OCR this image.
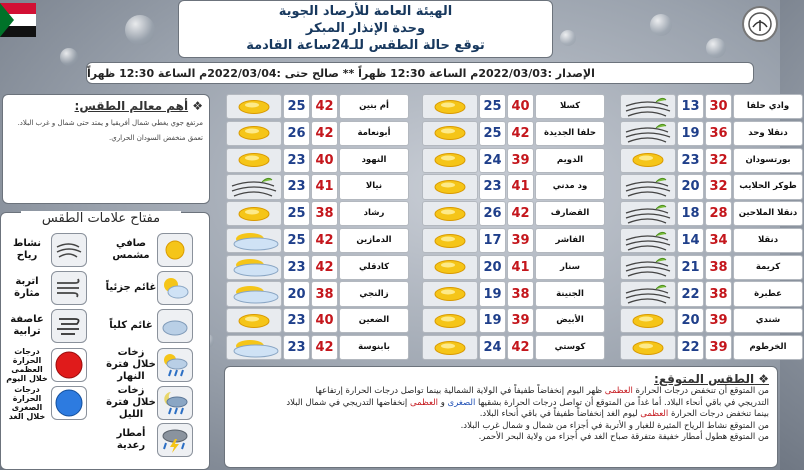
الهيئة العامة للأرصاد الجوية
وحدة الإنذار المبكر
توقع حالة الطقس للـ24ساعة القادمة
الإصدار :2022/03/03م الساعة 12:30 ظهراً ** صالح حتى :2022/03/04م الساعة 12:30 ظهراً
❖ أهم معالم الطقس:

مرتفع جوي يغطي شمال أفريقيا و يمتد حتى شمال و غرب البلاد.

تعمق منخفض السودان الحراري.

مفتاح علامات الطقس
صافي مشمس
غائم جزئياً
غائم كلياً
زخات خلال فترة النهار
زخات خلال فترة الليل
أمطار رعدية
نشاط رياح
اتربة مثارة
عاصفة ترابية
درجات الحرارة العظمى خلال اليوم
درجات الحرارة الصغرى خلال الغد
25 42	أم بنين
26 42	أبونعامة
23 40	النهود
23 41	نيالا
25 38	رشاد
25 42	الدمازين
23 42	كادقلي
20 38	زالنجي
23 40	الضعين
23 42	بابنوسة
25 40	كسلا
25 42	حلفا الجديدة
24 39	الدويم
23 41	ود مدني
26 42	القضارف
17 39	الفاشر
20 41	سنار
19 38	الجنينة
19 39	الأبيض
24 42	كوستي
13 30	وادي حلفا
19 36	دنقلا وحد
23 32	بورتسودان
20 32	طوكر الحلايب
18 28	دنقلا الملاحين
14 34	دنقلا
21 38	كريمة
22 38	عطبرة
20 39	شندي
22 39	الخرطوم
❖ الطقس المتوقع:
من المتوقع أن تنخفض درجات الحرارة العظمى ظهر اليوم إنخفاضاً طفيفاً في الولاية الشمالية بينما تواصل درجات الحرارة إرتفاعها
التدريجي في باقي أنحاء البلاد. أما غداً من المتوقع أن تواصل درجات الحرارة بشقيها الصغرى و العظمى إنخفاضها التدريجي في شمال البلاد
بينما تنخفض درجات الحرارة العظمى ليوم الغد إنخفاضاً طفيفاً في باقي أنحاء البلاد.
من المتوقع نشاط الرياح المثيرة للغبار و الأتربة في أجزاء من شمال و شمال غرب البلاد.
من المتوقع هطول أمطار خفيفة متفرقة صباح الغد في أجزاء من ولاية البحر الأحمر.
